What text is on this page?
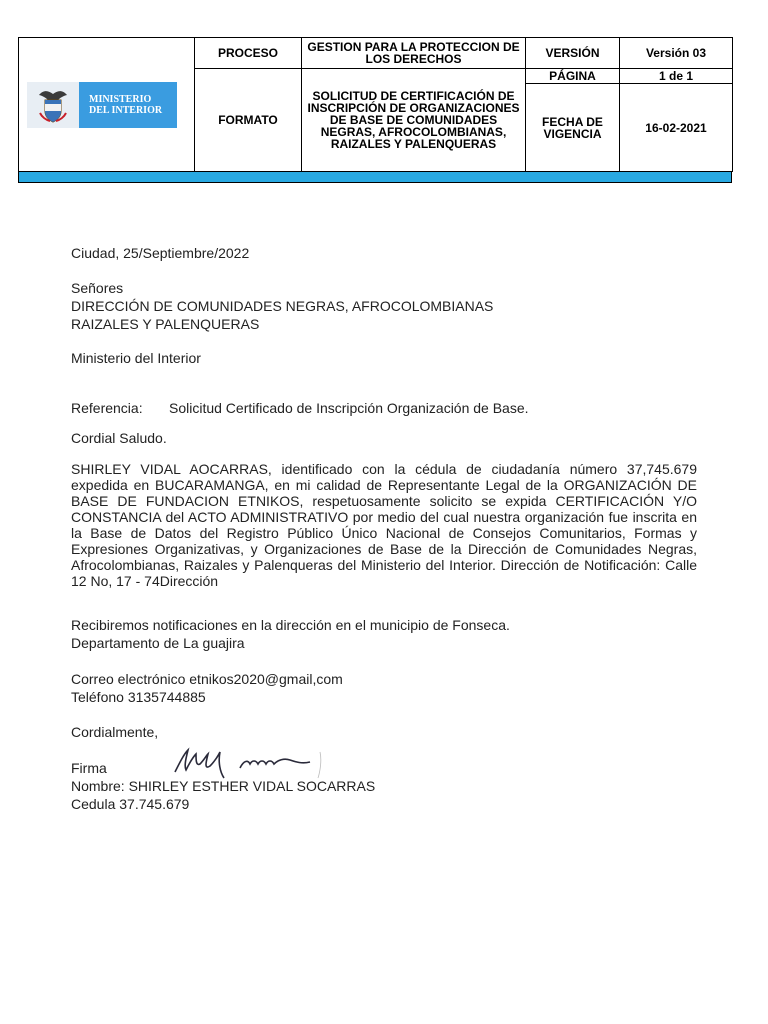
MINISTERIO
DEL INTERIOR	PROCESO	GESTION PARA LA PROTECCION DE LOS DERECHOS	VERSIÓN	Versión 03
	FORMATO	SOLICITUD DE CERTIFICACIÓN DE INSCRIPCIÓN DE ORGANIZACIONES DE BASE DE COMUNIDADES NEGRAS, AFROCOLOMBIANAS, RAIZALES Y PALENQUERAS	PÁGINA	1 de 1
			FECHA DE VIGENCIA	16-02-2021

Ciudad, 25/Septiembre/2022

Señores

DIRECCIÓN DE COMUNIDADES NEGRAS, AFROCOLOMBIANAS

RAIZALES Y PALENQUERAS

Ministerio del Interior

Referencia: Solicitud Certificado de Inscripción Organización de Base.

Cordial Saludo.

SHIRLEY VIDAL AOCARRAS, identificado con la cédula de ciudadanía número 37,745.679 expedida en BUCARAMANGA, en mi calidad de Representante Legal de la ORGANIZACIÓN DE BASE DE FUNDACION ETNIKOS, respetuosamente solicito se expida CERTIFICACIÓN Y/O CONSTANCIA del ACTO ADMINISTRATIVO por medio del cual nuestra organización fue inscrita en la Base de Datos del Registro Público Único Nacional de Consejos Comunitarios, Formas y Expresiones Organizativas, y Organizaciones de Base de la Dirección de Comunidades Negras, Afrocolombianas, Raizales y Palenqueras del Ministerio del Interior. Dirección de Notificación: Calle 12 No, 17 - 74Dirección

Recibiremos notificaciones en la dirección en el municipio de Fonseca.

Departamento de La guajira

Correo electrónico etnikos2020@gmail,com

Teléfono 3135744885

Cordialmente,

Firma

Nombre: SHIRLEY ESTHER VIDAL SOCARRAS

Cedula 37.745.679
